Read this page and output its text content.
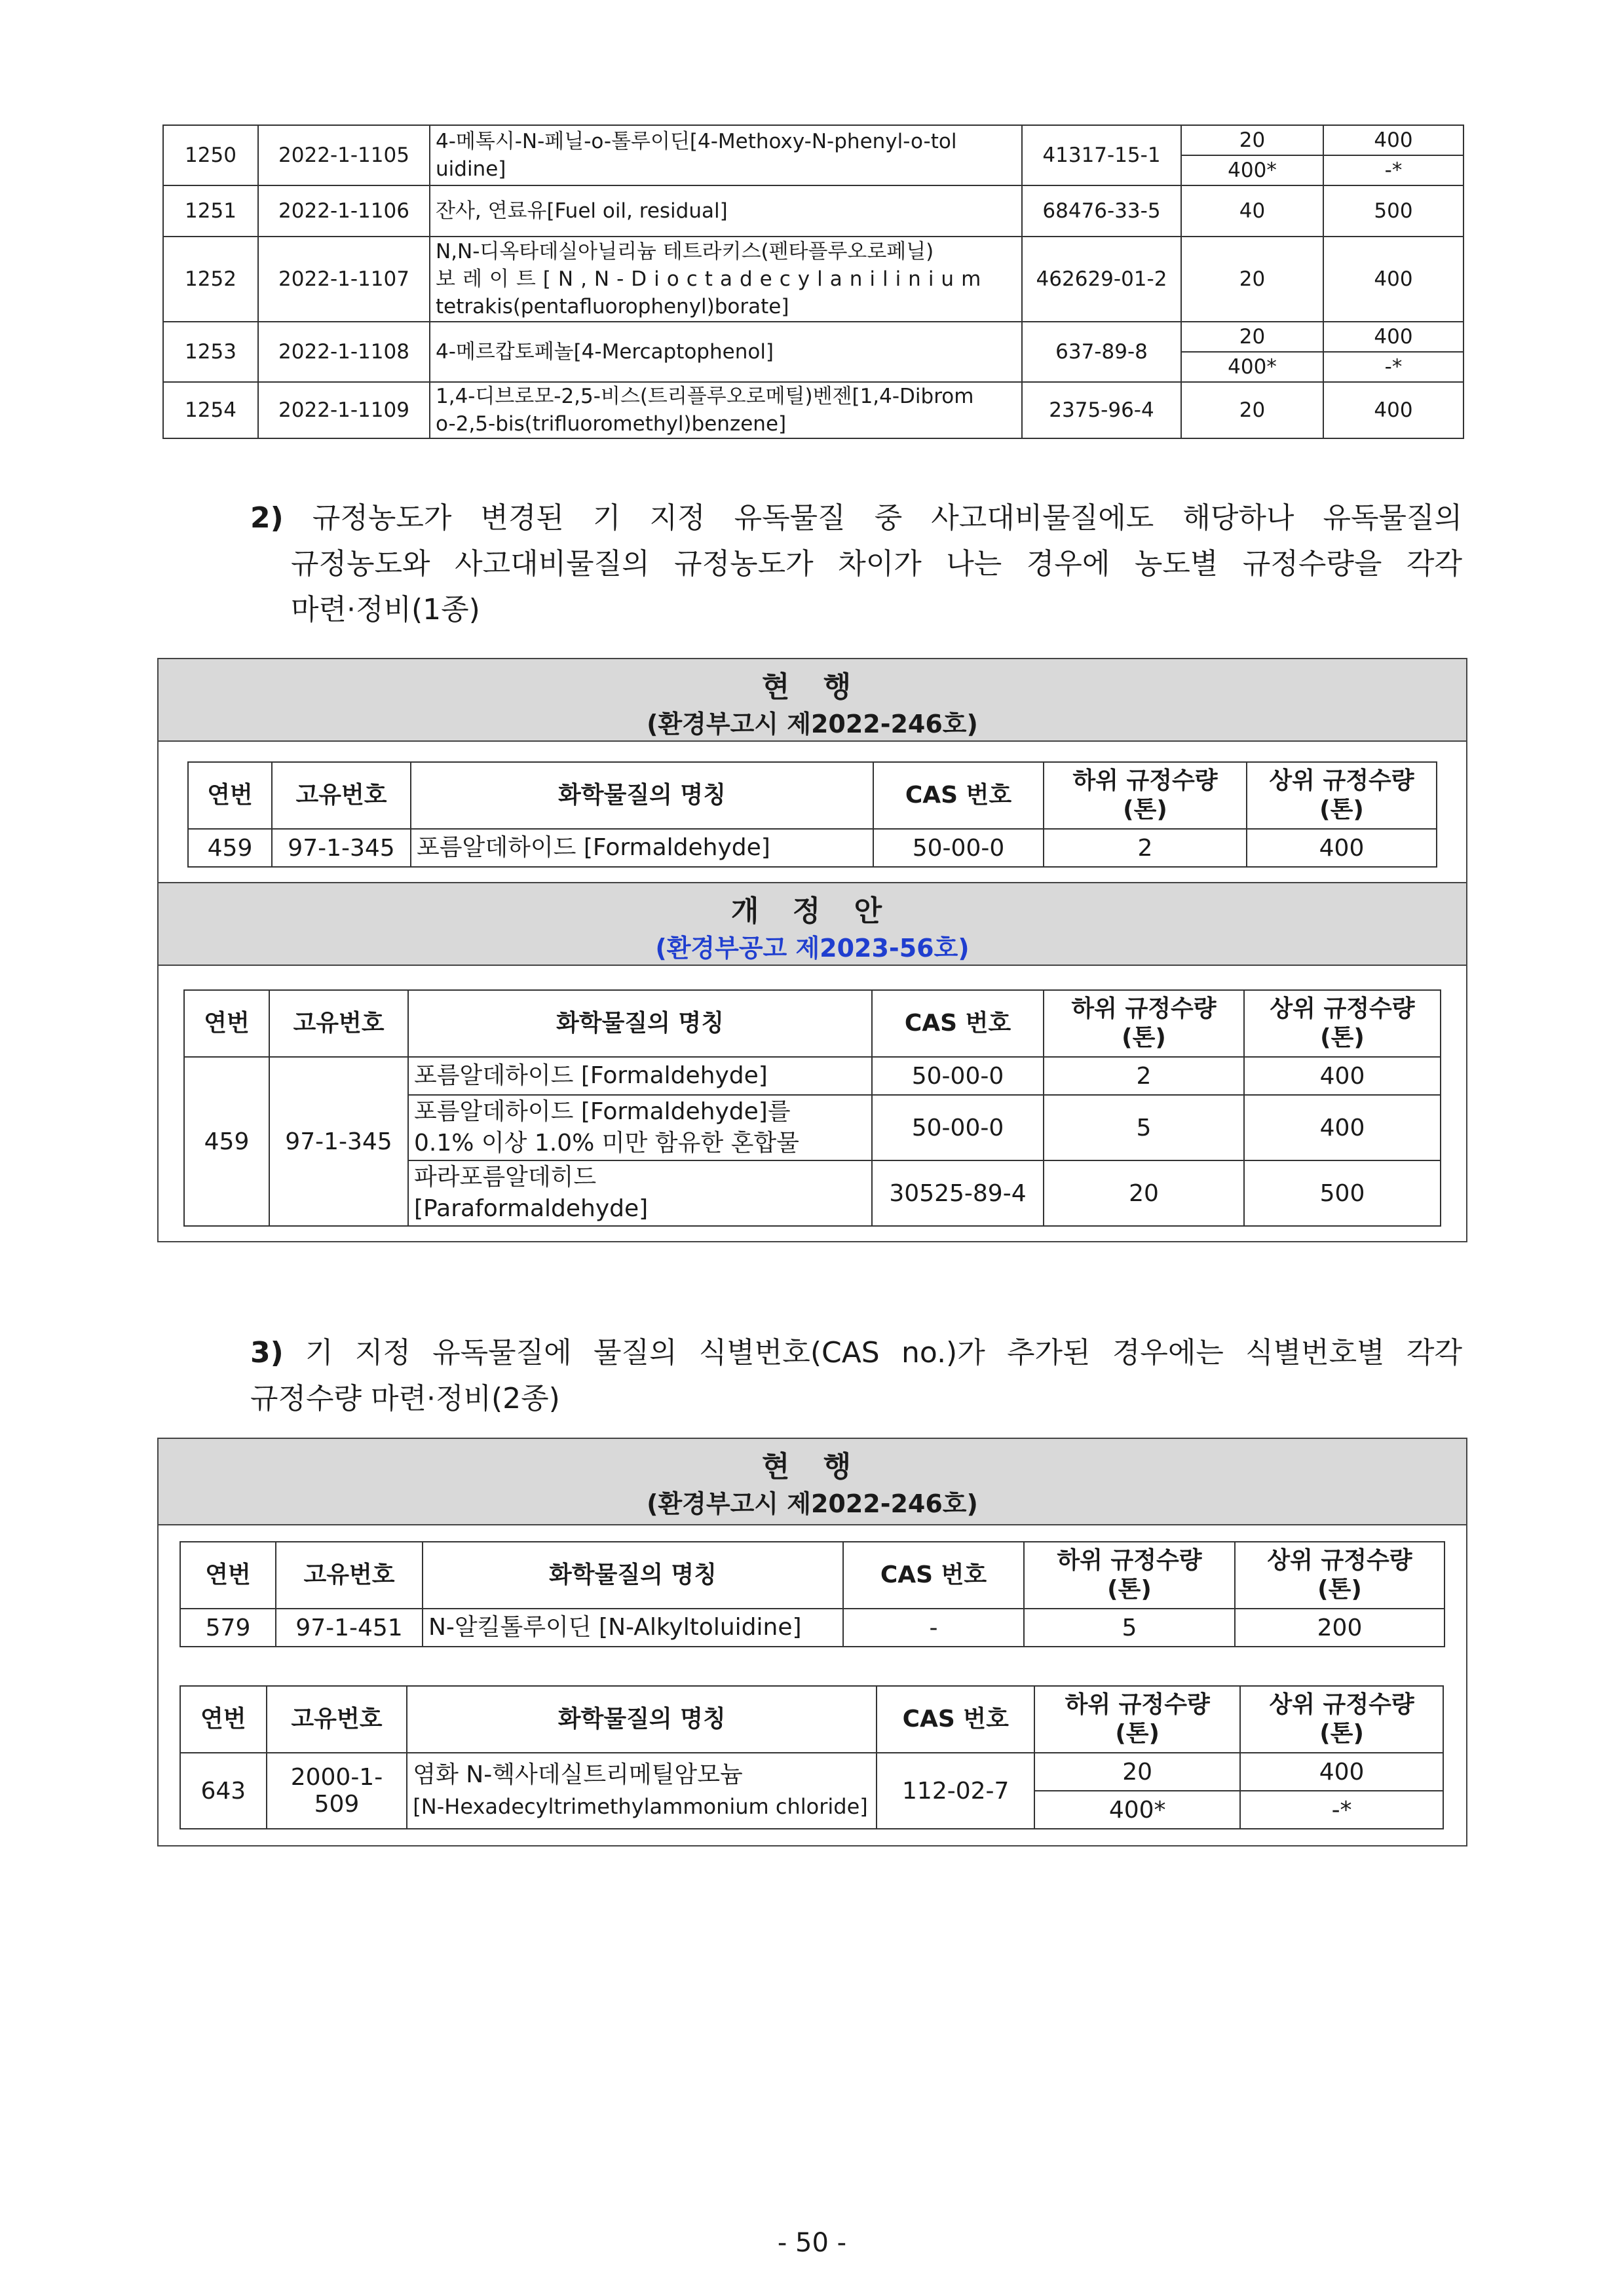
1250	2022-1-1105	4-메톡시-N-페닐-o-톨루이딘[4-Methoxy-N-phenyl-o-tol
uidine]	41317-15-1	20	400
				400*	-*
1251	2022-1-1106	잔사, 연료유[Fuel oil, residual]	68476-33-5	40	500
1252	2022-1-1107	N,N-디옥타데실아닐리늄 테트라키스(펜타플루오로페닐)
보레이트[N,N-Dioctadecylanilinium
tetrakis(pentafluorophenyl)borate]	462629-01-2	20	400
1253	2022-1-1108	4-메르캅토페놀[4-Mercaptophenol]	637-89-8	20	400
				400*	-*
1254	2022-1-1109	1,4-디브로모-2,5-비스(트리플루오로메틸)벤젠[1,4-Dibrom
o-2,5-bis(trifluoromethyl)benzene]	2375-96-4	20	400
2) 규정농도가 변경된 기 지정 유독물질 중 사고대비물질에도 해당하나 유독물질의
규정농도와 사고대비물질의 규정농도가 차이가 나는 경우에 농도별 규정수량을 각각
마련·정비(1종)
현 행
(환경부고시 제2022-246호)
연번	고유번호	화학물질의 명칭	CAS 번호	하위 규정수량
(톤)	상위 규정수량
(톤)
459	97-1-345	포름알데하이드 [Formaldehyde]	50-00-0	2	400
개 정 안
(환경부공고 제2023-56호)
연번	고유번호	화학물질의 명칭	CAS 번호	하위 규정수량
(톤)	상위 규정수량
(톤)
459	97-1-345	포름알데하이드 [Formaldehyde]	50-00-0	2	400
		포름알데하이드 [Formaldehyde]를
0.1% 이상 1.0% 미만 함유한 혼합물	50-00-0	5	400
		파라포름알데히드
[Paraformaldehyde]	30525-89-4	20	500
3) 기 지정 유독물질에 물질의 식별번호(CAS no.)가 추가된 경우에는 식별번호별 각각
규정수량 마련·정비(2종)
현 행
(환경부고시 제2022-246호)
연번	고유번호	화학물질의 명칭	CAS 번호	하위 규정수량
(톤)	상위 규정수량
(톤)
579	97-1-451	N-알킬톨루이딘 [N-Alkyltoluidine]	-	5	200
연번	고유번호	화학물질의 명칭	CAS 번호	하위 규정수량
(톤)	상위 규정수량
(톤)
643	2000-1-509	염화 N-헥사데실트리메틸암모늄
[N-Hexadecyltrimethylammonium chloride]	112-02-7	20	400
				400*	-*
- 50 -
